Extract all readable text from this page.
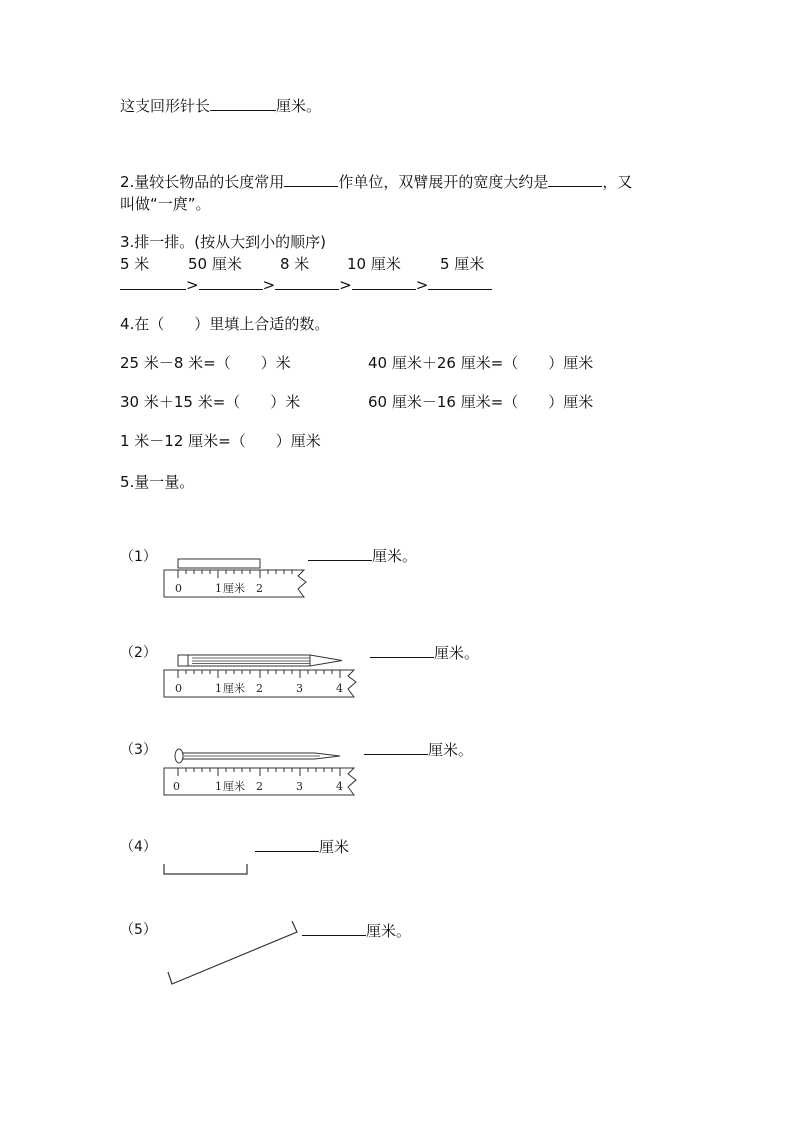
这支回形针长	厘米。
2.量较长物品的长度常用	作单位，双臂展开的宽度大约是	，又
叫做“一庹”。
3.排一排。(按从大到小的顺序)
5 米	50 厘米	8 米	10 厘米	5 厘米
>	>	>	>
4.在（　　）里填上合适的数。
25 米－8 米=（　　）米	40 厘米＋26 厘米=（　　）厘米
30 米＋15 米=（　　）米	60 厘米－16 厘米=（　　）厘米
1 米－12 厘米=（　　）厘米
5.量一量。
（1）
0	1 厘米 2
厘米。
（2）
0	1 厘米 2	3	4
厘米。
（3）
0	1 厘米 2	3	4
厘米。
（4）	厘米
（5）	厘米。
